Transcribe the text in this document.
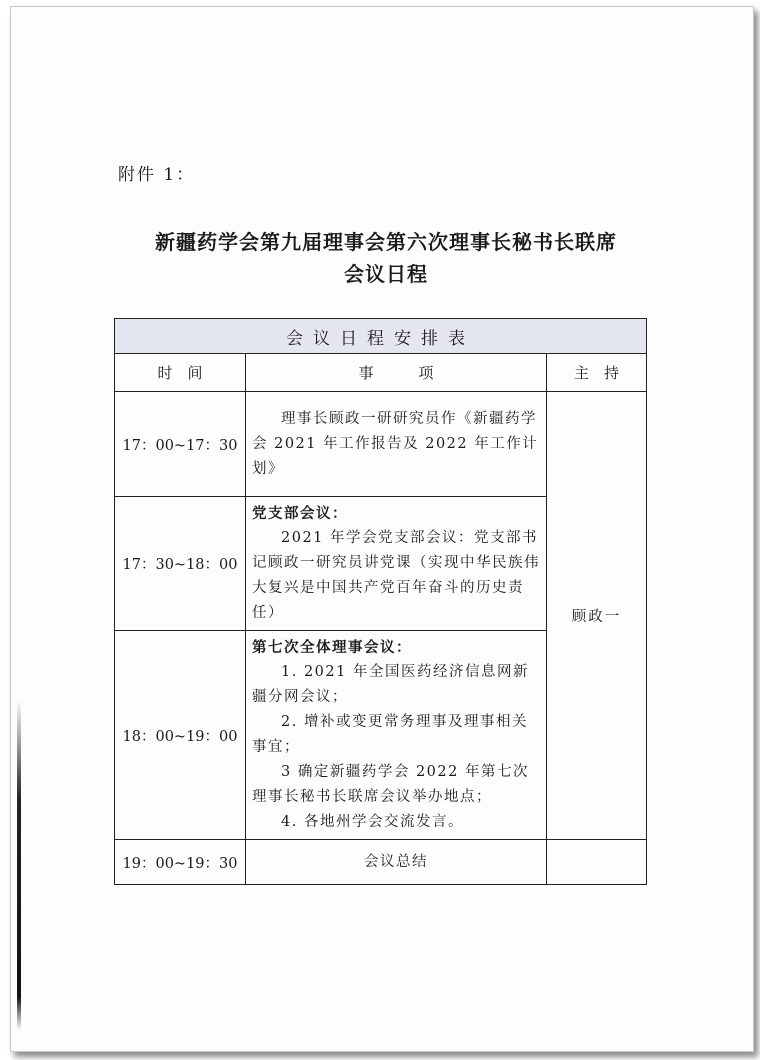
附件 1：
新疆药学会第九届理事会第六次理事长秘书长联席
会议日程
会议日程安排表		
时　间	事　　　项	主　持
17：00~17：30	理事长顾政一研研究员作《新疆药学会 2021 年工作报告及 2022 年工作计划》	顾政一
17：30~18：00	党支部会议：
2021 年学会党支部会议：党支部书记顾政一研究员讲党课（实现中华民族伟大复兴是中国共产党百年奋斗的历史责任）	

18：00~19：00	第七次全体理事会议：
1. 2021 年全国医药经济信息网新疆分网会议；
2. 增补或变更常务理事及理事相关事宜；
3 确定新疆药学会 2022 年第七次理事长秘书长联席会议举办地点；
4. 各地州学会交流发言。	

19：00~19：30	会议总结	
